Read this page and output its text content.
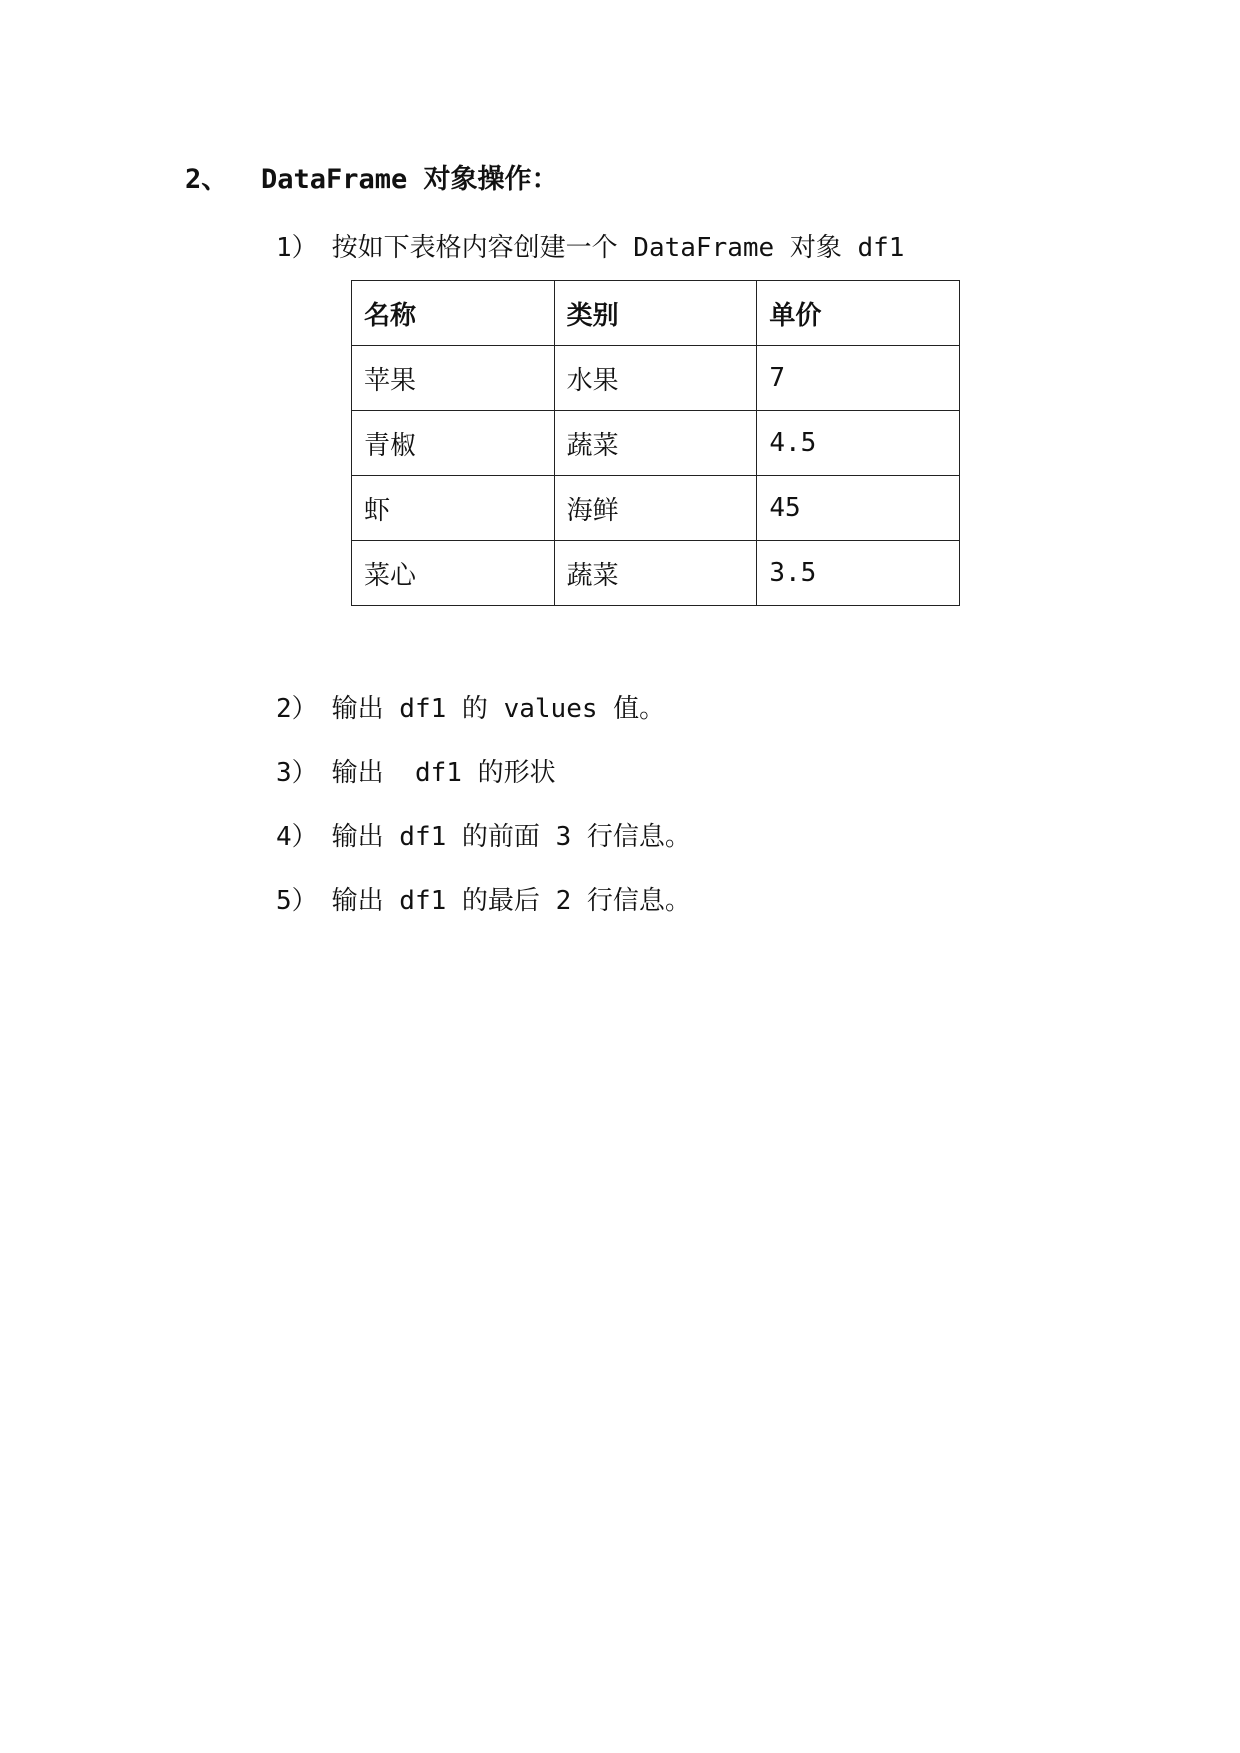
2、 DataFrame 对象操作：
1） 按如下表格内容创建一个 DataFrame 对象 df1
名称	类别	单价
苹果	水果	7
青椒	蔬菜	4.5
虾	海鲜	45
菜心	蔬菜	3.5
2） 输出 df1 的 values 值。
3） 输出  df1 的形状
4） 输出 df1 的前面 3 行信息。
5） 输出 df1 的最后 2 行信息。
